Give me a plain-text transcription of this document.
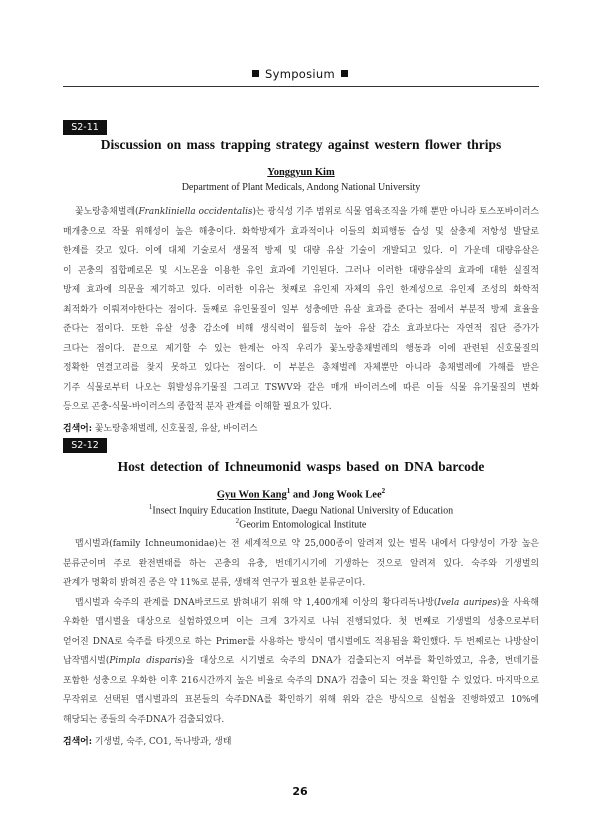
Symposium
S2-11
Discussion on mass trapping strategy against western flower thrips
Yonggyun Kim
Department of Plant Medicals, Andong National University
꽃노랑총채벌레(Frankliniella occidentalis)는 광식성 기주 범위로 식물 엽육조직을 가해 뿐만 아니라 토스포바이러스
매개충으로 작물 위해성이 높은 해충이다. 화학방제가 효과적이나 이들의 회피행동 습성 및 살충제 저항성 발달로
한계를 갖고 있다. 이에 대체 기술로서 생물적 방제 및 대량 유살 기술이 개발되고 있다. 이 가운데 대량유살은
이 곤충의 집합페로몬 및 시노몬을 이용한 유인 효과에 기인된다. 그러나 이러한 대량유살의 효과에 대한 실질적
방제 효과에 의문을 제기하고 있다. 이러한 이유는 첫째로 유인제 자체의 유인 한계성으로 유인제 조성의 화학적
최적화가 이뤄져야한다는 점이다. 둘째로 유인물질이 일부 성충에만 유살 효과를 준다는 점에서 부분적 방제 효율을
준다는 점이다. 또한 유살 성충 감소에 비해 생식력이 월등히 높아 유살 감소 효과보다는 자연적 집단 증가가
크다는 점이다. 끝으로 제기할 수 있는 한계는 아직 우리가 꽃노랑총채벌레의 행동과 이에 관련된 신호물질의
정확한 연결고리를 찾지 못하고 있다는 점이다. 이 부분은 총채벌레 자체뿐만 아니라 총채벌레에 가해를 받은
기주 식물로부터 나오는 휘발성유기물질 그리고 TSWV와 같은 매개 바이러스에 따른 이들 식물 유기물질의 변화
등으로 곤충-식물-바이러스의 종합적 분자 관계를 이해할 필요가 있다.
검색어: 꽃노랑총채벌레, 신호물질, 유살, 바이러스
S2-12
Host detection of Ichneumonid wasps based on DNA barcode
Gyu Won Kang$^1$ and Jong Wook Lee$^2$
$^1$Insect Inquiry Education Institute, Daegu National University of Education
$^2$Georim Entomological Institute
맵시벌과(family Ichneumonidae)는 전 세계적으로 약 25,000종이 알려져 있는 벌목 내에서 다양성이 가장 높은
분류군이며 주로 완전변태를 하는 곤충의 유충, 번데기시기에 기생하는 것으로 알려져 있다. 숙주와 기생벌의
관계가 명확히 밝혀진 종은 약 11%로 분류, 생태적 연구가 필요한 분류군이다.
맵시벌과 숙주의 관계를 DNA바코드로 밝혀내기 위해 약 1,400개체 이상의 황다리독나방(Ivela auripes)을 사육해
우화한 맵시벌을 대상으로 실험하였으며 이는 크게 3가지로 나눠 진행되었다. 첫 번째로 기생벌의 성충으로부터
얻어진 DNA로 숙주를 타겟으로 하는 Primer를 사용하는 방식이 맵시벌에도 적용됨을 확인했다. 두 번째로는 나방살이
납작맵시벌(Pimpla disparis)을 대상으로 시기별로 숙주의 DNA가 검출되는지 여부를 확인하였고, 유충, 번데기를
포함한 성충으로 우화한 이후 216시간까지 높은 비율로 숙주의 DNA가 검출이 되는 것을 확인할 수 있었다. 마지막으로
무작위로 선택된 맵시벌과의 표본들의 숙주DNA를 확인하기 위해 위와 같은 방식으로 실험을 진행하였고 10%에
해당되는 종들의 숙주DNA가 검출되었다.
검색어: 기생벌, 숙주, CO1, 독나방과, 생태
26
